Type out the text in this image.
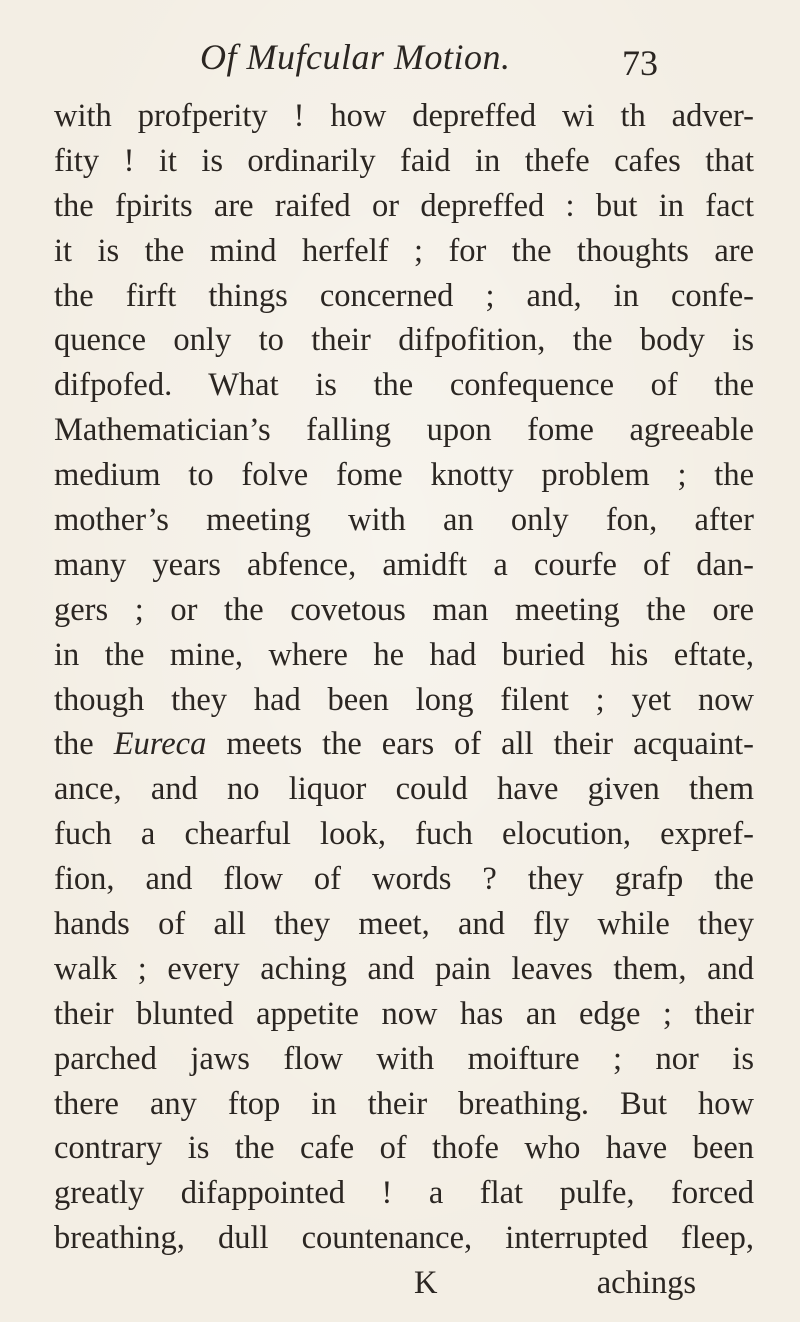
Of Mufcular Motion.	73
with profperity ! how depreffed wi th adver-
fity ! it is ordinarily faid in thefe cafes that
the fpirits are raifed or depreffed : but in fact
it is the mind herfelf ; for the thoughts are
the firft things concerned ; and, in confe-
quence only to their difpofition, the body is
difpofed. What is the confequence of the
Mathematician’s falling upon fome agreeable
medium to folve fome knotty problem ; the
mother’s meeting with an only fon, after
many years abfence, amidft a courfe of dan-
gers ; or the covetous man meeting the ore
in the mine, where he had buried his eftate,
though they had been long filent ; yet now
the Eureca meets the ears of all their acquaint-
ance, and no liquor could have given them
fuch a chearful look, fuch elocution, expref-
fion, and flow of words ? they grafp the
hands of all they meet, and fly while they
walk ; every aching and pain leaves them, and
their blunted appetite now has an edge ; their
parched jaws flow with moifture ; nor is
there any ftop in their breathing. But how
contrary is the cafe of thofe who have been
greatly difappointed ! a flat pulfe, forced
breathing, dull countenance, interrupted fleep,
K	achings
